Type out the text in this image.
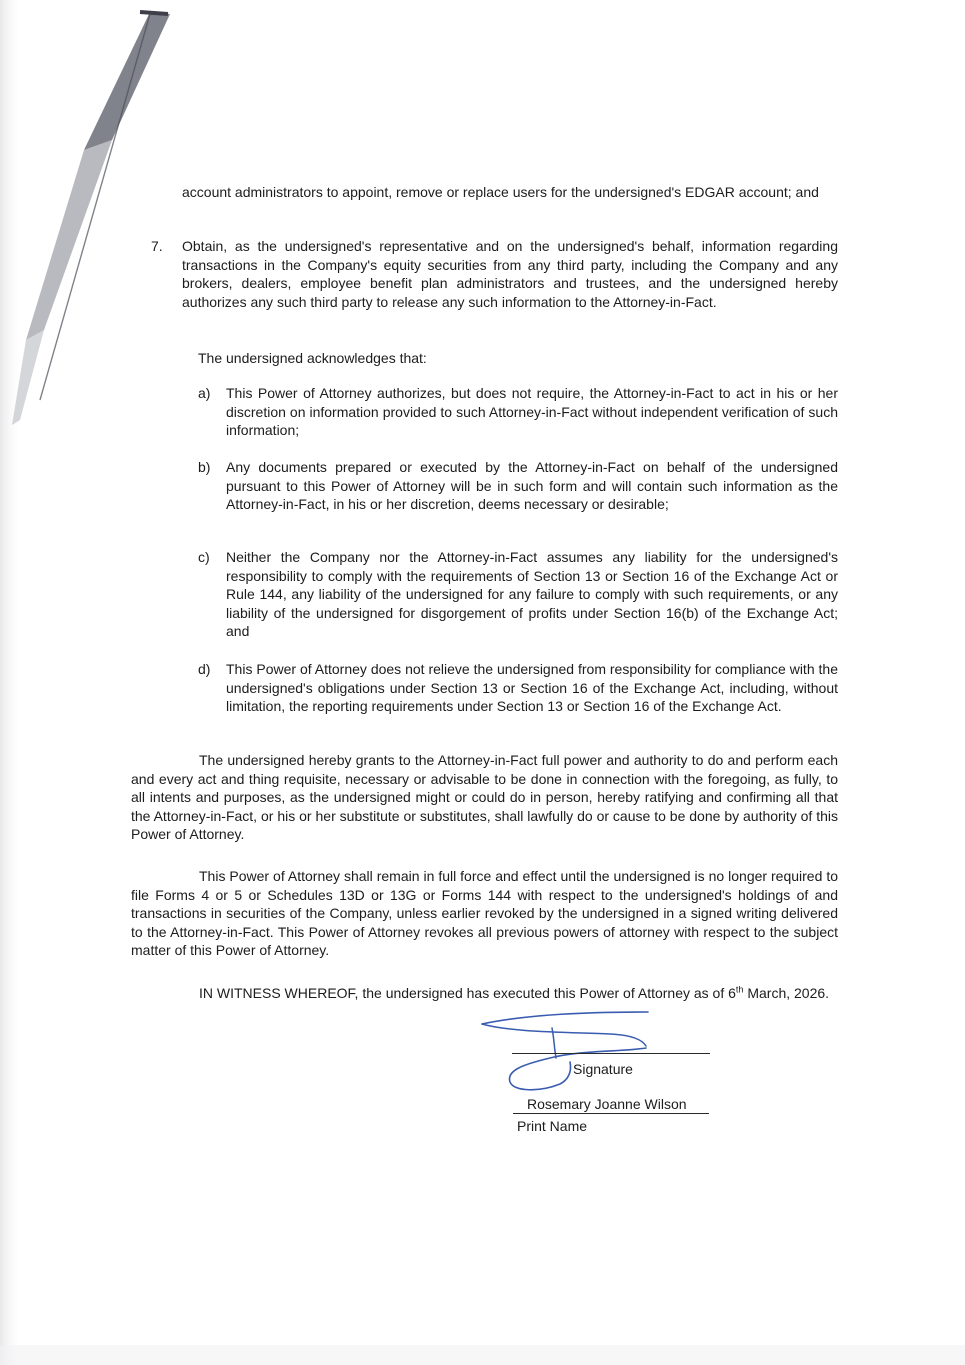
account administrators to appoint, remove or replace users for the undersigned's EDGAR account; and

7. Obtain, as the undersigned's representative and on the undersigned's behalf, information regarding transactions in the Company's equity securities from any third party, including the Company and any brokers, dealers, employee benefit plan administrators and trustees, and the undersigned hereby authorizes any such third party to release any such information to the Attorney-in-Fact.

The undersigned acknowledges that:

a) This Power of Attorney authorizes, but does not require, the Attorney-in-Fact to act in his or her discretion on information provided to such Attorney-in-Fact without independent verification of such information;
b) Any documents prepared or executed by the Attorney-in-Fact on behalf of the undersigned pursuant to this Power of Attorney will be in such form and will contain such information as the Attorney-in-Fact, in his or her discretion, deems necessary or desirable;
c) Neither the Company nor the Attorney-in-Fact assumes any liability for the undersigned's responsibility to comply with the requirements of Section 13 or Section 16 of the Exchange Act or Rule 144, any liability of the undersigned for any failure to comply with such requirements, or any liability of the undersigned for disgorgement of profits under Section 16(b) of the Exchange Act; and
d) This Power of Attorney does not relieve the undersigned from responsibility for compliance with the undersigned's obligations under Section 13 or Section 16 of the Exchange Act, including, without limitation, the reporting requirements under Section 13 or Section 16 of the Exchange Act.

The undersigned hereby grants to the Attorney-in-Fact full power and authority to do and perform each and every act and thing requisite, necessary or advisable to be done in connection with the foregoing, as fully, to all intents and purposes, as the undersigned might or could do in person, hereby ratifying and confirming all that the Attorney-in-Fact, or his or her substitute or substitutes, shall lawfully do or cause to be done by authority of this Power of Attorney.

This Power of Attorney shall remain in full force and effect until the undersigned is no longer required to file Forms 4 or 5 or Schedules 13D or 13G or Forms 144 with respect to the undersigned's holdings of and transactions in securities of the Company, unless earlier revoked by the undersigned in a signed writing delivered to the Attorney-in-Fact. This Power of Attorney revokes all previous powers of attorney with respect to the subject matter of this Power of Attorney.

IN WITNESS WHEREOF, the undersigned has executed this Power of Attorney as of 6th March, 2026.

Signature

Rosemary Joanne Wilson

Print Name
